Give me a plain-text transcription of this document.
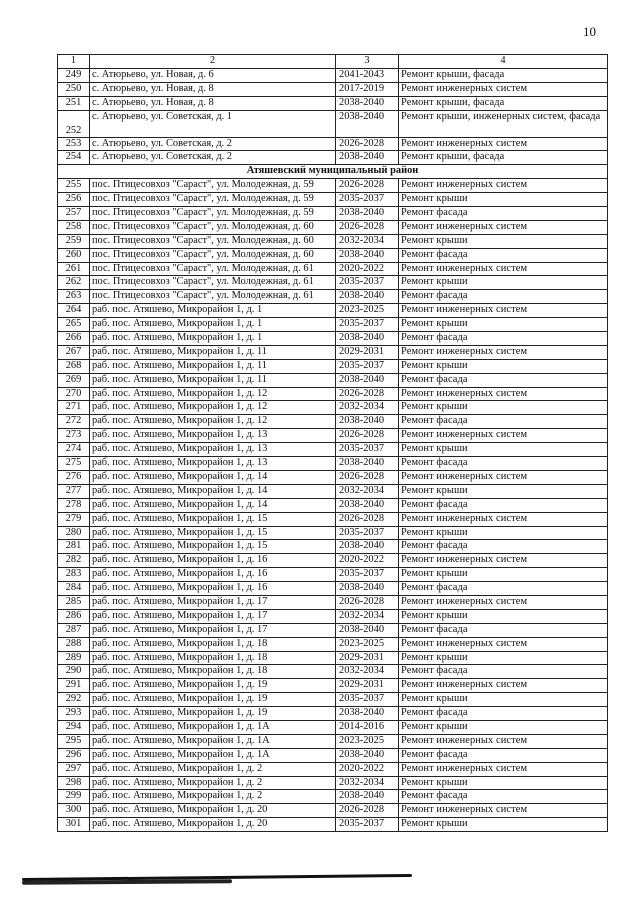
10
1	2	3	4
249	с. Атюрьево, ул. Новая, д. 6	2041-2043	Ремонт крыши, фасада
250	с. Атюрьево, ул. Новая, д. 8	2017-2019	Ремонт инженерных систем
251	с. Атюрьево, ул. Новая, д. 8	2038-2040	Ремонт крыши, фасада
252	с. Атюрьево, ул. Советская, д. 1	2038-2040	Ремонт крыши, инженерных систем, фасада
253	с. Атюрьево, ул. Советская, д. 2	2026-2028	Ремонт инженерных систем
254	с. Атюрьево, ул. Советская, д. 2	2038-2040	Ремонт крыши, фасада
Атяшевский муниципальный район			
255	пос. Птицесовхоз "Сараст", ул. Молодежная, д. 59	2026-2028	Ремонт инженерных систем
256	пос. Птицесовхоз "Сараст", ул. Молодежная, д. 59	2035-2037	Ремонт крыши
257	пос. Птицесовхоз "Сараст", ул. Молодежная, д. 59	2038-2040	Ремонт фасада
258	пос. Птицесовхоз "Сараст", ул. Молодежная, д. 60	2026-2028	Ремонт инженерных систем
259	пос. Птицесовхоз "Сараст", ул. Молодежная, д. 60	2032-2034	Ремонт крыши
260	пос. Птицесовхоз "Сараст", ул. Молодежная, д. 60	2038-2040	Ремонт фасада
261	пос. Птицесовхоз "Сараст", ул. Молодежная, д. 61	2020-2022	Ремонт инженерных систем
262	пос. Птицесовхоз "Сараст", ул. Молодежная, д. 61	2035-2037	Ремонт крыши
263	пос. Птицесовхоз "Сараст", ул. Молодежная, д. 61	2038-2040	Ремонт фасада
264	раб. пос. Атяшево, Микрорайон 1, д. 1	2023-2025	Ремонт инженерных систем
265	раб. пос. Атяшево, Микрорайон 1, д. 1	2035-2037	Ремонт крыши
266	раб. пос. Атяшево, Микрорайон 1, д. 1	2038-2040	Ремонт фасада
267	раб. пос. Атяшево, Микрорайон 1, д. 11	2029-2031	Ремонт инженерных систем
268	раб. пос. Атяшево, Микрорайон 1, д. 11	2035-2037	Ремонт крыши
269	раб. пос. Атяшево, Микрорайон 1, д. 11	2038-2040	Ремонт фасада
270	раб. пос. Атяшево, Микрорайон 1, д. 12	2026-2028	Ремонт инженерных систем
271	раб. пос. Атяшево, Микрорайон 1, д. 12	2032-2034	Ремонт крыши
272	раб. пос. Атяшево, Микрорайон 1, д. 12	2038-2040	Ремонт фасада
273	раб. пос. Атяшево, Микрорайон 1, д. 13	2026-2028	Ремонт инженерных систем
274	раб. пос. Атяшево, Микрорайон 1, д. 13	2035-2037	Ремонт крыши
275	раб. пос. Атяшево, Микрорайон 1, д. 13	2038-2040	Ремонт фасада
276	раб. пос. Атяшево, Микрорайон 1, д. 14	2026-2028	Ремонт инженерных систем
277	раб. пос. Атяшево, Микрорайон 1, д. 14	2032-2034	Ремонт крыши
278	раб. пос. Атяшево, Микрорайон 1, д. 14	2038-2040	Ремонт фасада
279	раб. пос. Атяшево, Микрорайон 1, д. 15	2026-2028	Ремонт инженерных систем
280	раб. пос. Атяшево, Микрорайон 1, д. 15	2035-2037	Ремонт крыши
281	раб. пос. Атяшево, Микрорайон 1, д. 15	2038-2040	Ремонт фасада
282	раб. пос. Атяшево, Микрорайон 1, д. 16	2020-2022	Ремонт инженерных систем
283	раб. пос. Атяшево, Микрорайон 1, д. 16	2035-2037	Ремонт крыши
284	раб. пос. Атяшево, Микрорайон 1, д. 16	2038-2040	Ремонт фасада
285	раб. пос. Атяшево, Микрорайон 1, д. 17	2026-2028	Ремонт инженерных систем
286	раб. пос. Атяшево, Микрорайон 1, д. 17	2032-2034	Ремонт крыши
287	раб. пос. Атяшево, Микрорайон 1, д. 17	2038-2040	Ремонт фасада
288	раб. пос. Атяшево, Микрорайон 1, д. 18	2023-2025	Ремонт инженерных систем
289	раб. пос. Атяшево, Микрорайон 1, д. 18	2029-2031	Ремонт крыши
290	раб. пос. Атяшево, Микрорайон 1, д. 18	2032-2034	Ремонт фасада
291	раб. пос. Атяшево, Микрорайон 1, д. 19	2029-2031	Ремонт инженерных систем
292	раб. пос. Атяшево, Микрорайон 1, д. 19	2035-2037	Ремонт крыши
293	раб. пос. Атяшево, Микрорайон 1, д. 19	2038-2040	Ремонт фасада
294	раб. пос. Атяшево, Микрорайон 1, д. 1А	2014-2016	Ремонт крыши
295	раб. пос. Атяшево, Микрорайон 1, д. 1А	2023-2025	Ремонт инженерных систем
296	раб. пос. Атяшево, Микрорайон 1, д. 1А	2038-2040	Ремонт фасада
297	раб. пос. Атяшево, Микрорайон 1, д. 2	2020-2022	Ремонт инженерных систем
298	раб. пос. Атяшево, Микрорайон 1, д. 2	2032-2034	Ремонт крыши
299	раб. пос. Атяшево, Микрорайон 1, д. 2	2038-2040	Ремонт фасада
300	раб. пос. Атяшево, Микрорайон 1, д. 20	2026-2028	Ремонт инженерных систем
301	раб. пос. Атяшево, Микрорайон 1, д. 20	2035-2037	Ремонт крыши
